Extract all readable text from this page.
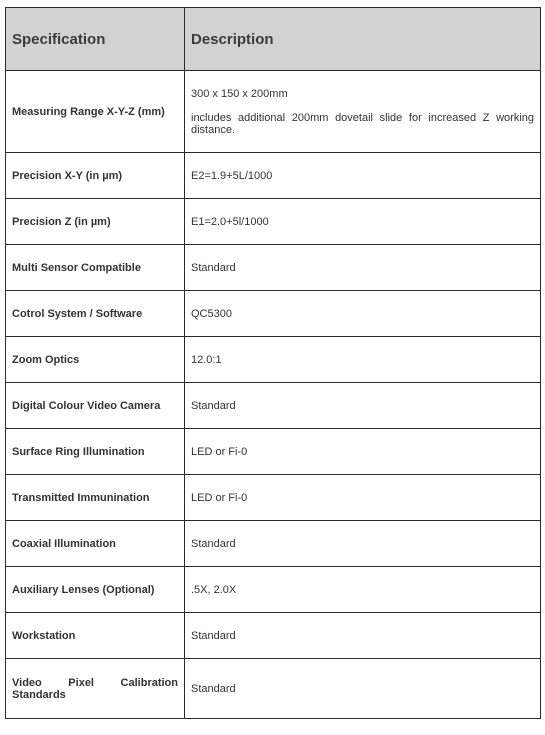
Specification	Description
Measuring Range X-Y-Z (mm)	300 x 150 x 200mm
includes additional 200mm dovetail slide for increased Z working distance.

Precision X-Y (in µm)	E2=1.9+5L/1000
Precision Z (in µm)	E1=2.0+5l/1000
Multi Sensor Compatible	Standard
Cotrol System / Software	QC5300
Zoom Optics	12.0:1
Digital Colour Video Camera	Standard
Surface Ring Illumination	LED or Fi-0
Transmitted Immunination	LED or Fi-0
Coaxial Illumination	Standard
Auxiliary Lenses (Optional)	.5X, 2.0X
Workstation	Standard
Video Pixel Calibration Standards	Standard
